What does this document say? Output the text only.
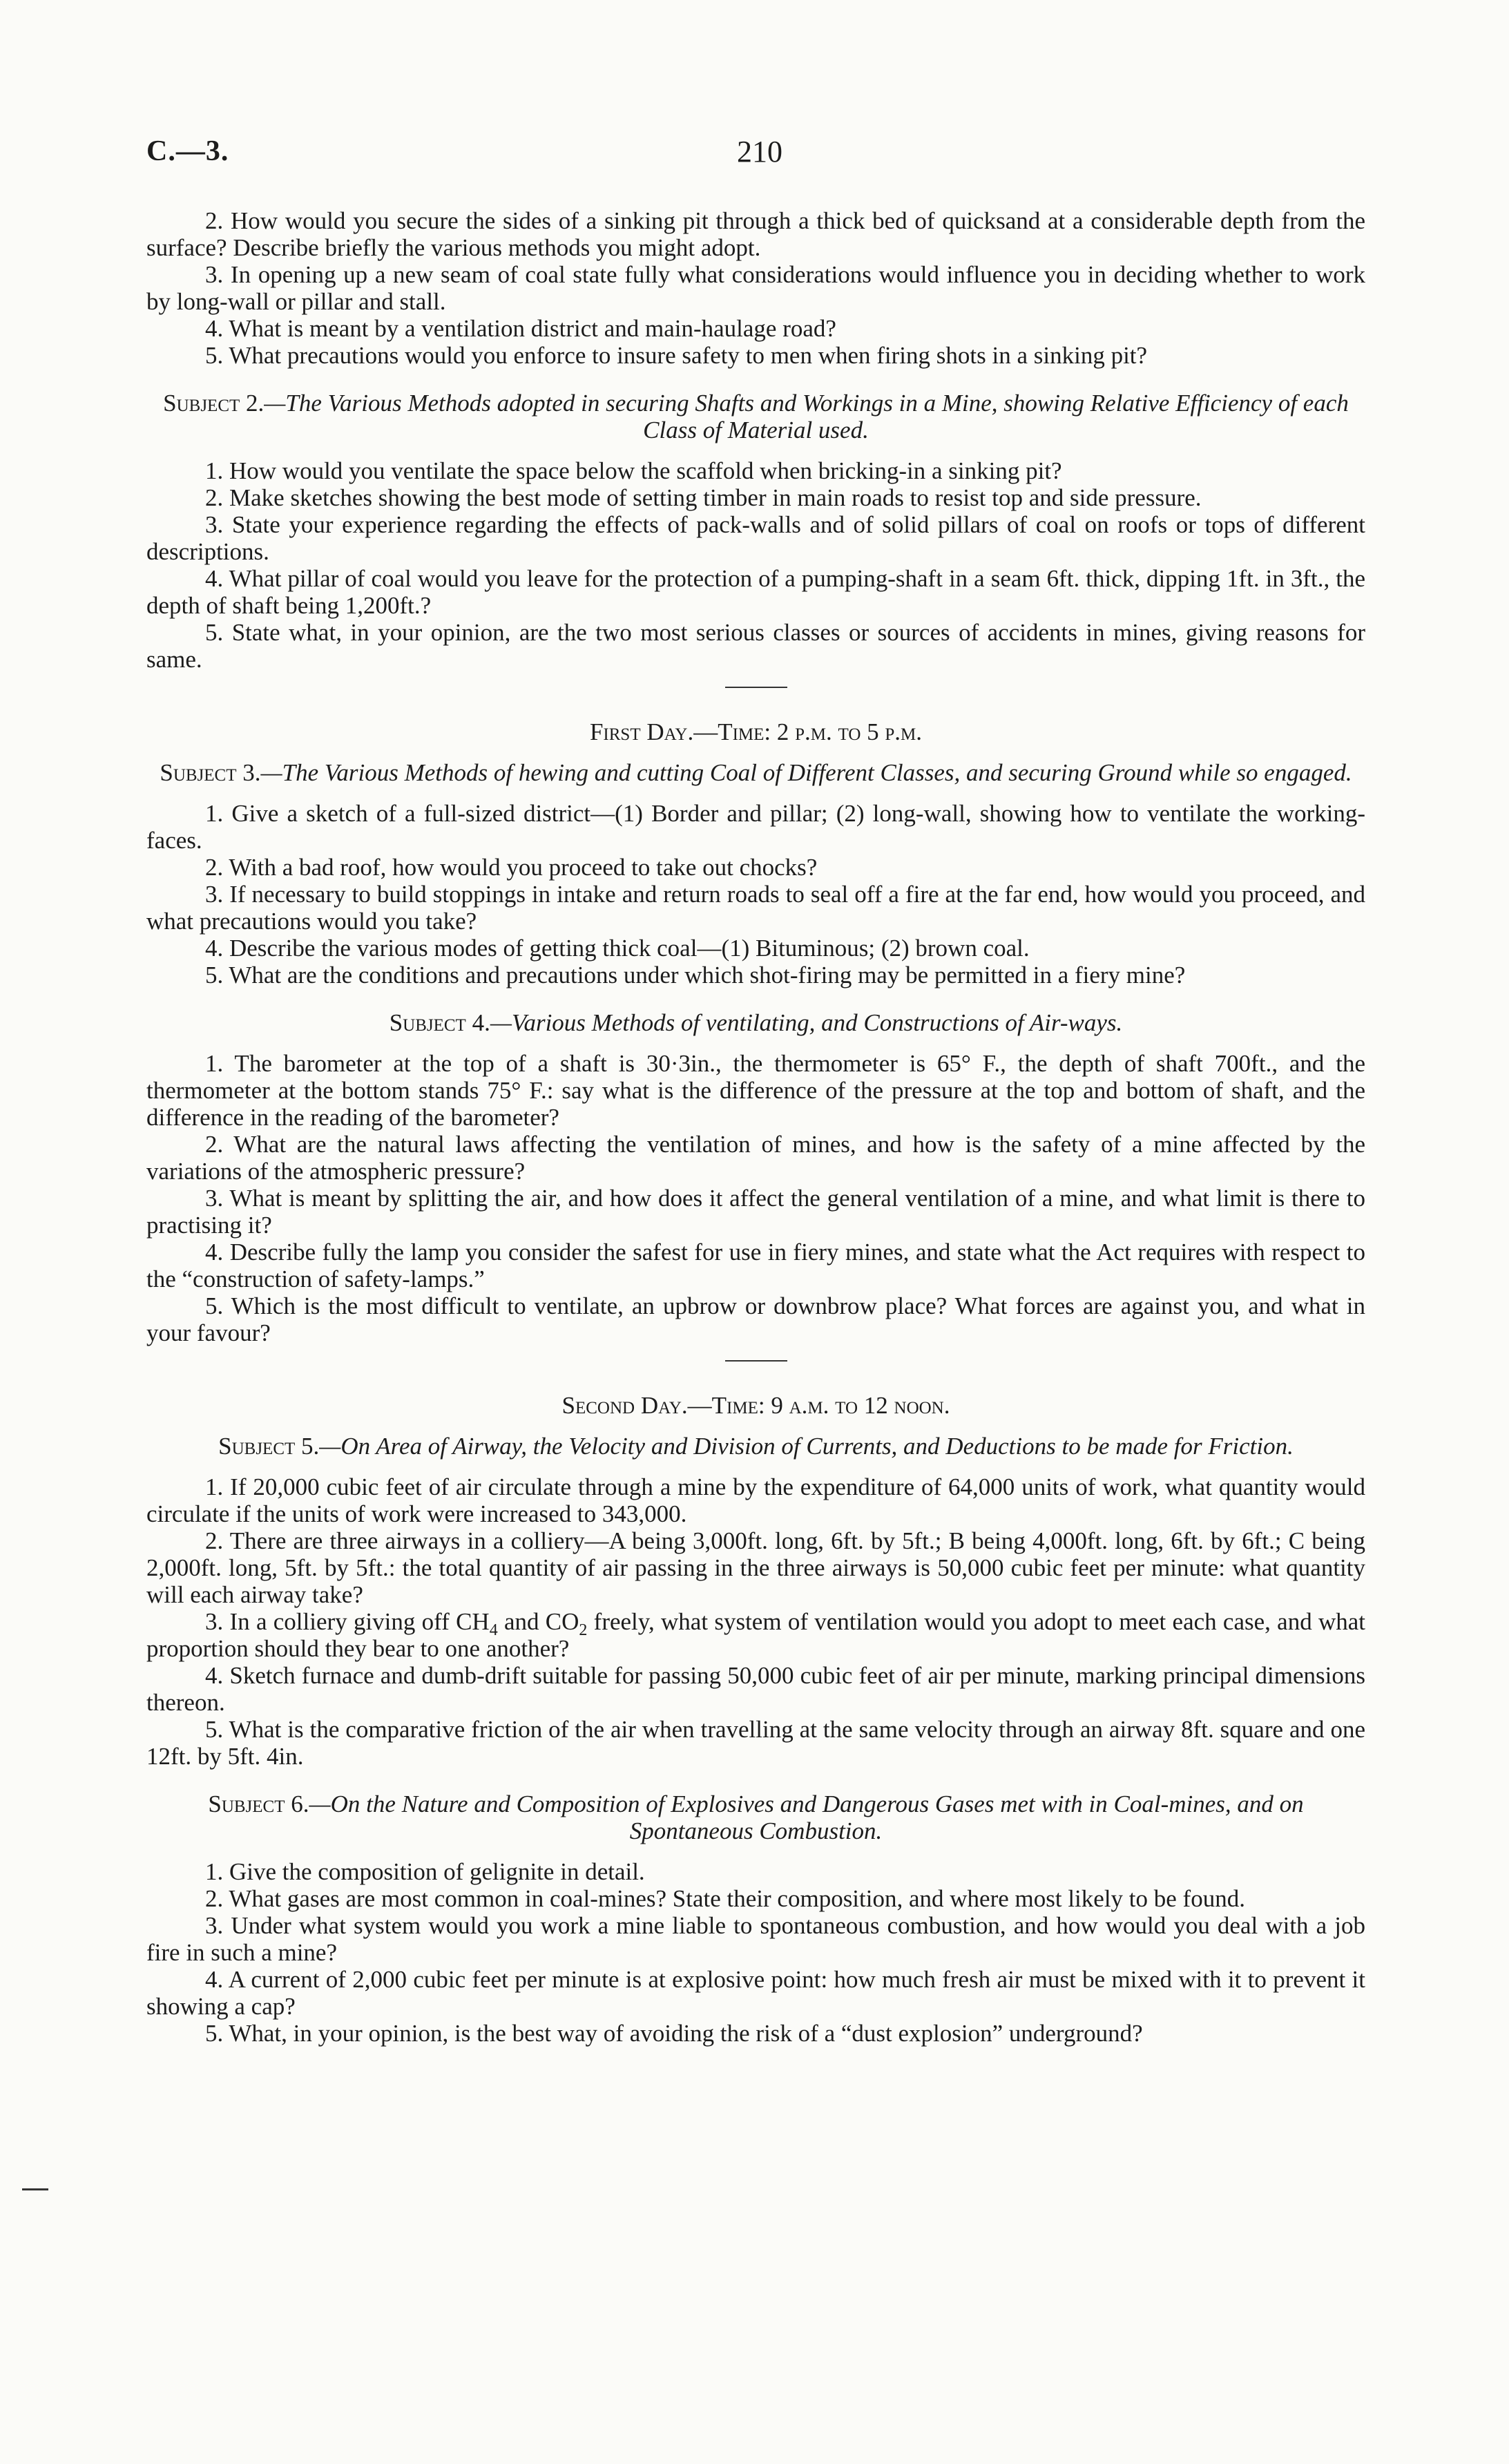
C.—3.	210

2. How would you secure the sides of a sinking pit through a thick bed of quicksand at a considerable depth from the surface? Describe briefly the various methods you might adopt.

3. In opening up a new seam of coal state fully what considerations would influence you in deciding whether to work by long-wall or pillar and stall.

4. What is meant by a ventilation district and main-haulage road?

5. What precautions would you enforce to insure safety to men when firing shots in a sinking pit?

Subject 2.—The Various Methods adopted in securing Shafts and Workings in a Mine, showing Relative Efficiency of each Class of Material used.

1. How would you ventilate the space below the scaffold when bricking-in a sinking pit?

2. Make sketches showing the best mode of setting timber in main roads to resist top and side pressure.

3. State your experience regarding the effects of pack-walls and of solid pillars of coal on roofs or tops of different descriptions.

4. What pillar of coal would you leave for the protection of a pumping-shaft in a seam 6ft. thick, dipping 1ft. in 3ft., the depth of shaft being 1,200ft.?

5. State what, in your opinion, are the two most serious classes or sources of accidents in mines, giving reasons for same.

First Day.—Time: 2 p.m. to 5 p.m.

Subject 3.—The Various Methods of hewing and cutting Coal of Different Classes, and securing Ground while so engaged.

1. Give a sketch of a full-sized district—(1) Border and pillar; (2) long-wall, showing how to ventilate the working-faces.

2. With a bad roof, how would you proceed to take out chocks?

3. If necessary to build stoppings in intake and return roads to seal off a fire at the far end, how would you proceed, and what precautions would you take?

4. Describe the various modes of getting thick coal—(1) Bituminous; (2) brown coal.

5. What are the conditions and precautions under which shot-firing may be permitted in a fiery mine?

Subject 4.—Various Methods of ventilating, and Constructions of Air-ways.

1. The barometer at the top of a shaft is 30·3in., the thermometer is 65° F., the depth of shaft 700ft., and the thermometer at the bottom stands 75° F.: say what is the difference of the pressure at the top and bottom of shaft, and the difference in the reading of the barometer?

2. What are the natural laws affecting the ventilation of mines, and how is the safety of a mine affected by the variations of the atmospheric pressure?

3. What is meant by splitting the air, and how does it affect the general ventilation of a mine, and what limit is there to practising it?

4. Describe fully the lamp you consider the safest for use in fiery mines, and state what the Act requires with respect to the “construction of safety-lamps.”

5. Which is the most difficult to ventilate, an upbrow or downbrow place? What forces are against you, and what in your favour?

Second Day.—Time: 9 a.m. to 12 noon.

Subject 5.—On Area of Airway, the Velocity and Division of Currents, and Deductions to be made for Friction.

1. If 20,000 cubic feet of air circulate through a mine by the expenditure of 64,000 units of work, what quantity would circulate if the units of work were increased to 343,000.

2. There are three airways in a colliery—A being 3,000ft. long, 6ft. by 5ft.; B being 4,000ft. long, 6ft. by 6ft.; C being 2,000ft. long, 5ft. by 5ft.: the total quantity of air passing in the three airways is 50,000 cubic feet per minute: what quantity will each airway take?

3. In a colliery giving off $CH_4$ and $CO_2$ freely, what system of ventilation would you adopt to meet each case, and what proportion should they bear to one another?

4. Sketch furnace and dumb-drift suitable for passing 50,000 cubic feet of air per minute, marking principal dimensions thereon.

5. What is the comparative friction of the air when travelling at the same velocity through an airway 8ft. square and one 12ft. by 5ft. 4in.

Subject 6.—On the Nature and Composition of Explosives and Dangerous Gases met with in Coal-mines, and on Spontaneous Combustion.

1. Give the composition of gelignite in detail.

2. What gases are most common in coal-mines? State their composition, and where most likely to be found.

3. Under what system would you work a mine liable to spontaneous combustion, and how would you deal with a job fire in such a mine?

4. A current of 2,000 cubic feet per minute is at explosive point: how much fresh air must be mixed with it to prevent it showing a cap?

5. What, in your opinion, is the best way of avoiding the risk of a “dust explosion” underground?
